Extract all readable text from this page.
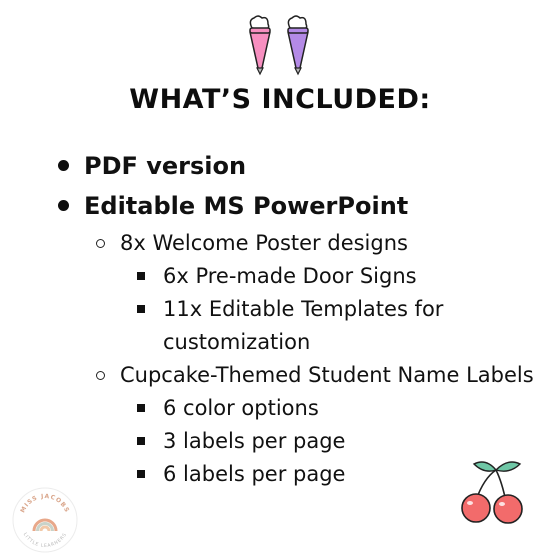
WHAT’S INCLUDED:
PDF version
Editable MS PowerPoint
8x Welcome Poster designs
6x Pre-made Door Signs
11x Editable Templates for customization
Cupcake-Themed Student Name Labels
6 color options
3 labels per page
6 labels per page
MISS JACOBS
LITTLE LEARNERS
